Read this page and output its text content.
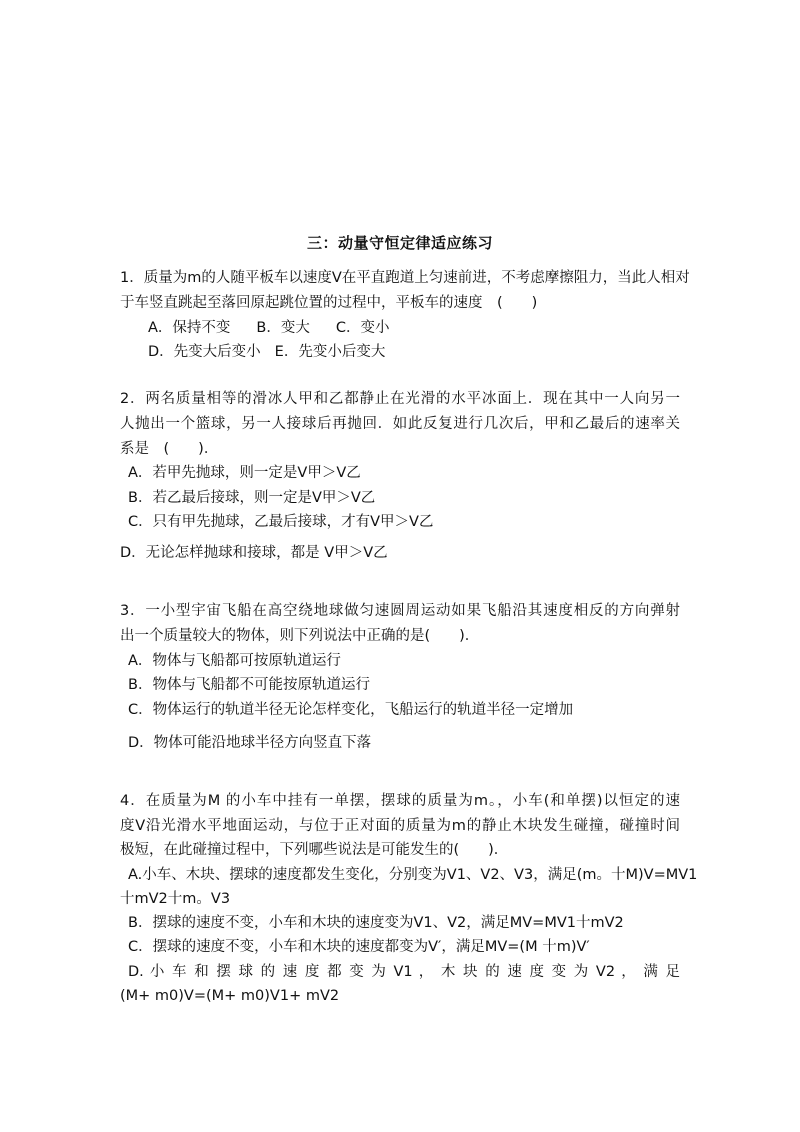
三：动量守恒定律适应练习
1．质量为m的人随平板车以速度V在平直跑道上匀速前进，不考虑摩擦阻力，当此人相对
于车竖直跳起至落回原起跳位置的过程中，平板车的速度　(　　)
A．保持不变 B．变大 C．变小
D．先变大后变小 E．先变小后变大
2．两名质量相等的滑冰人甲和乙都静止在光滑的水平冰面上．现在其中一人向另一
人抛出一个篮球，另一人接球后再抛回．如此反复进行几次后，甲和乙最后的速率关
系是　(　　)．
A．若甲先抛球，则一定是V甲＞V乙
B．若乙最后接球，则一定是V甲＞V乙
C．只有甲先抛球，乙最后接球，才有V甲＞V乙
D．无论怎样抛球和接球，都是 V甲＞V乙
3．一小型宇宙飞船在高空绕地球做匀速圆周运动如果飞船沿其速度相反的方向弹射
出一个质量较大的物体，则下列说法中正确的是(　　)．
A．物体与飞船都可按原轨道运行
B．物体与飞船都不可能按原轨道运行
C．物体运行的轨道半径无论怎样变化，飞船运行的轨道半径一定增加
D．物体可能沿地球半径方向竖直下落
4．在质量为M 的小车中挂有一单摆，摆球的质量为m。，小车(和单摆)以恒定的速
度V沿光滑水平地面运动，与位于正对面的质量为m的静止木块发生碰撞，碰撞时间
极短，在此碰撞过程中，下列哪些说法是可能发生的(　　)．
A.小车、木块、摆球的速度都发生变化，分别变为V1、V2、V3，满足(m。十M)V=MV1
十mV2十m。V3
B．摆球的速度不变，小车和木块的速度变为V1、V2，满足MV=MV1十mV2
C．摆球的速度不变，小车和木块的速度都变为V′，满足MV=(M 十m)V′
D. 小 车 和 摆 球 的 速 度 都 变 为 V1 ， 木 块 的 速 度 变 为 V2 ， 满 足
(M+ m0)V=(M+ m0)V1+ mV2
